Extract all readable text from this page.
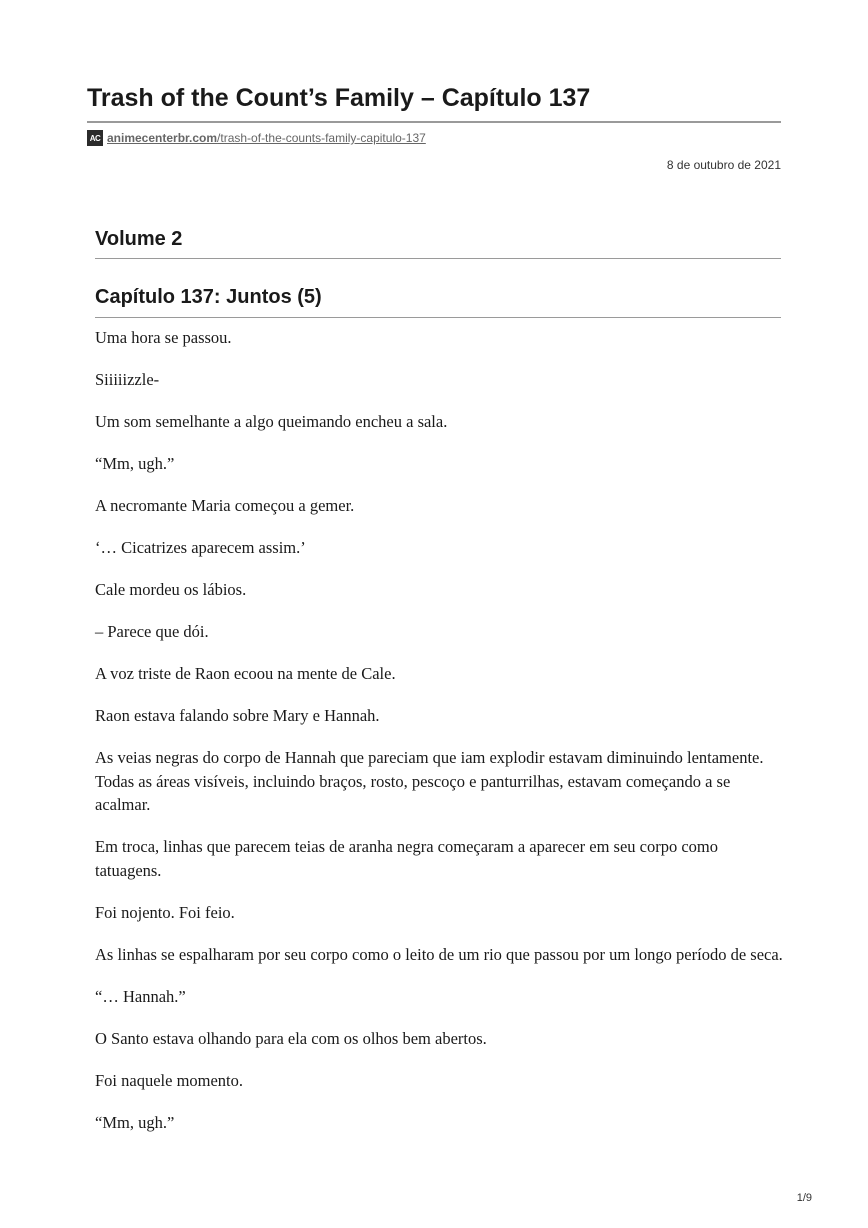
Trash of the Count’s Family – Capítulo 137
AC animecenterbr.com/trash-of-the-counts-family-capitulo-137
8 de outubro de 2021
Volume 2
Capítulo 137: Juntos (5)

Uma hora se passou.

Siiiiizzle-

Um som semelhante a algo queimando encheu a sala.

“Mm, ugh.”

A necromante Maria começou a gemer.

‘… Cicatrizes aparecem assim.’

Cale mordeu os lábios.

– Parece que dói.

A voz triste de Raon ecoou na mente de Cale.

Raon estava falando sobre Mary e Hannah.

As veias negras do corpo de Hannah que pareciam que iam explodir estavam diminuindo lentamente. Todas as áreas visíveis, incluindo braços, rosto, pescoço e panturrilhas, estavam começando a se acalmar.

Em troca, linhas que parecem teias de aranha negra começaram a aparecer em seu corpo como tatuagens.

Foi nojento. Foi feio.

As linhas se espalharam por seu corpo como o leito de um rio que passou por um longo período de seca.

“… Hannah.”

O Santo estava olhando para ela com os olhos bem abertos.

Foi naquele momento.

“Mm, ugh.”

1/9
